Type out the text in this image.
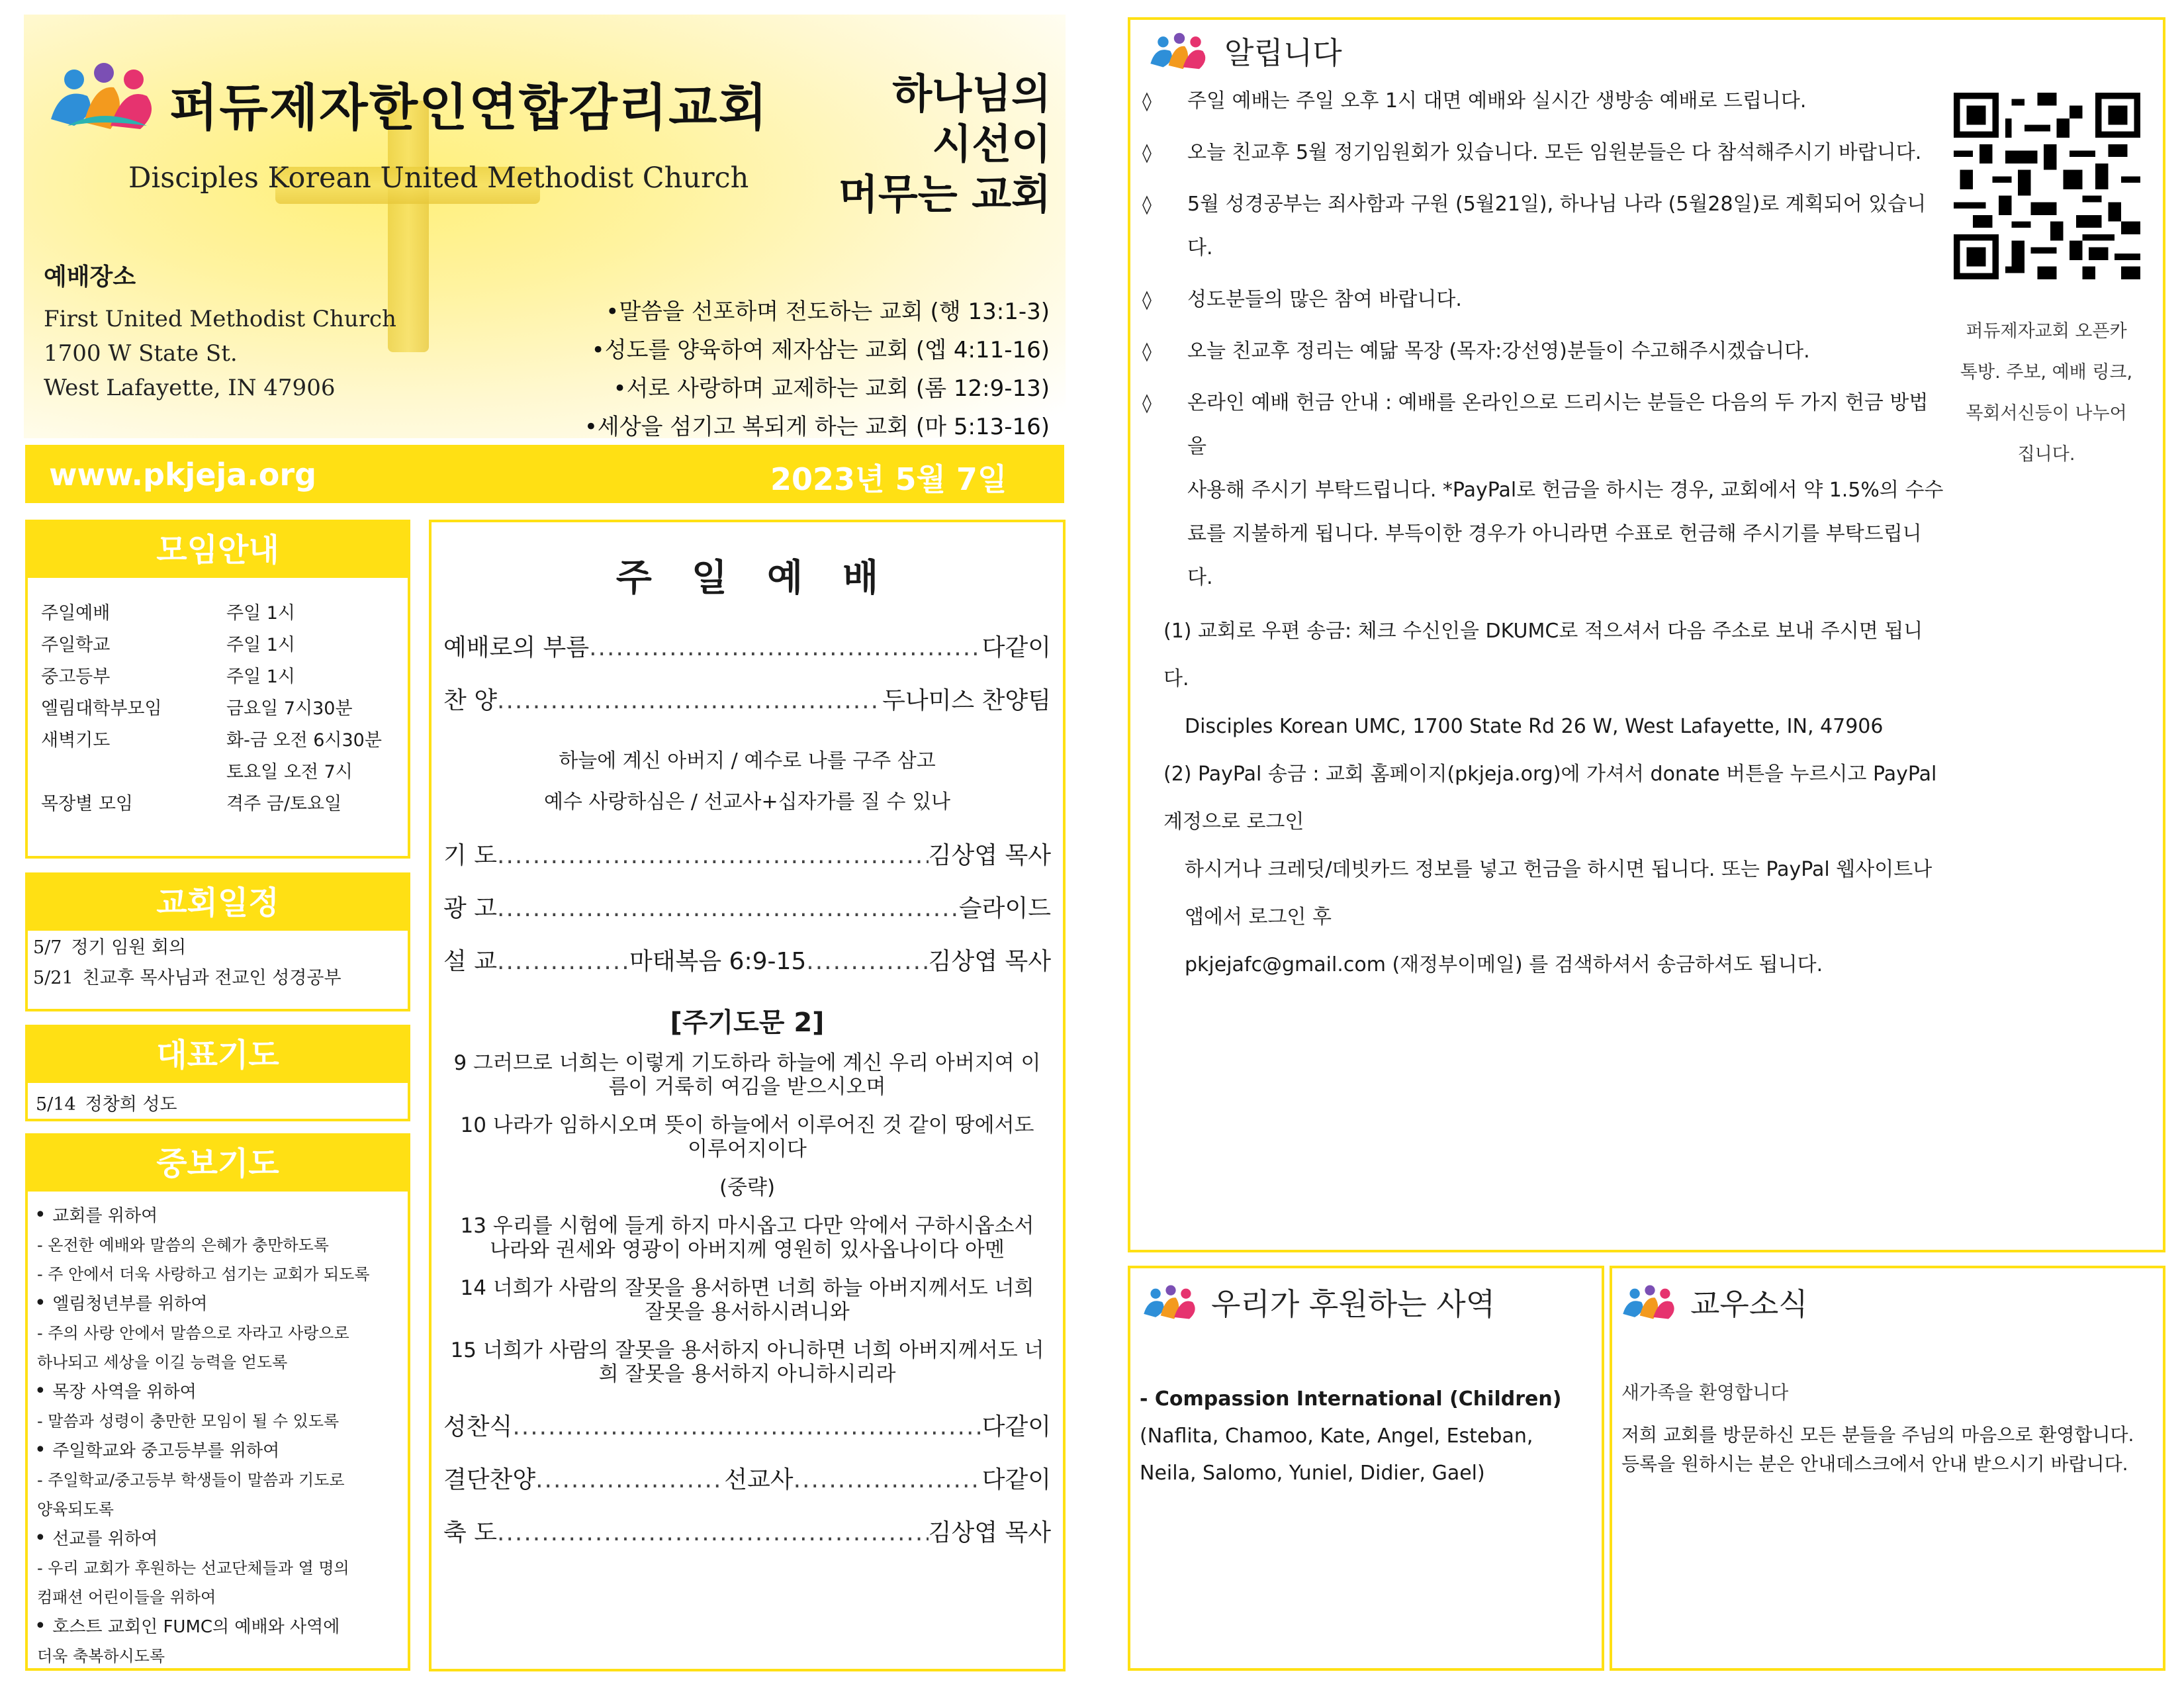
퍼듀제자한인연합감리교회
Disciples Korean United Methodist Church
하나님의
시선이
머무는 교회
예배장소
First United Methodist Church
1700 W State St.
West Lafayette, IN 47906
•말씀을 선포하며 전도하는 교회 (행 13:1-3)
•성도를 양육하여 제자삼는 교회 (엡 4:11-16)
•서로 사랑하며 교제하는 교회 (롬 12:9-13)
•세상을 섬기고 복되게 하는 교회 (마 5:13-16)
www.pkjeja.org	2023년 5월 7일
모임안내
주일예배	주일 1시
주일학교	주일 1시
중고등부	주일 1시
엘림대학부모임	금요일 7시30분
새벽기도	화-금 오전 6시30분
	토요일 오전 7시
목장별 모임	격주 금/토요일
교회일정
5/7 정기 임원 회의
5/21 친교후 목사님과 전교인 성경공부
대표기도
5/14 정창희 성도
중보기도
• 교회를 위하여
- 온전한 예배와 말씀의 은혜가 충만하도록
- 주 안에서 더욱 사랑하고 섬기는 교회가 되도록
• 엘림청년부를 위하여
- 주의 사랑 안에서 말씀으로 자라고 사랑으로
하나되고 세상을 이길 능력을 얻도록
• 목장 사역을 위하여
- 말씀과 성령이 충만한 모임이 될 수 있도록
• 주일학교와 중고등부를 위하여
- 주일학교/중고등부 학생들이 말씀과 기도로
양육되도록
• 선교를 위하여
- 우리 교회가 후원하는 선교단체들과 열 명의
컴패션 어린이들을 위하여
• 호스트 교회인 FUMC의 예배와 사역에
더욱 축복하시도록
주일예배
예배로의 부름 .....	다같이
찬 양 .....	두나미스 찬양팀
하늘에 계신 아버지 / 예수로 나를 구주 삼고
예수 사랑하심은 / 선교사+십자가를 질 수 있나
기 도 .....	김상엽 목사
광 고 .....	슬라이드
설 교 .....	마태복음 6:9-15 .....	김상엽 목사
[주기도문 2]
9 그러므로 너희는 이렇게 기도하라 하늘에 계신 우리 아버지여 이름이 거룩히 여김을 받으시오며
10 나라가 임하시오며 뜻이 하늘에서 이루어진 것 같이 땅에서도 이루어지이다
(중략)
13 우리를 시험에 들게 하지 마시옵고 다만 악에서 구하시옵소서 나라와 권세와 영광이 아버지께 영원히 있사옵나이다 아멘
14 너희가 사람의 잘못을 용서하면 너희 하늘 아버지께서도 너희 잘못을 용서하시려니와
15 너희가 사람의 잘못을 용서하지 아니하면 너희 아버지께서도 너희 잘못을 용서하지 아니하시리라
성찬식 .....	다같이
결단찬양 .....	선교사 .....	다같이
축 도 .....	김상엽 목사
알립니다
◊ 주일 예배는 주일 오후 1시 대면 예배와 실시간 생방송 예배로 드립니다.
◊ 오늘 친교후 5월 정기임원회가 있습니다. 모든 임원분들은 다 참석해주시기 바랍니다.
◊ 5월 성경공부는 죄사함과 구원 (5월21일), 하나님 나라 (5월28일)로 계획되어 있습니다.
◊ 성도분들의 많은 참여 바랍니다.
◊ 오늘 친교후 정리는 예닮 목장 (목자:강선영)분들이 수고해주시겠습니다.
◊ 온라인 예배 헌금 안내 : 예배를 온라인으로 드리시는 분들은 다음의 두 가지 헌금 방법을
사용해 주시기 부탁드립니다. *PayPal로 헌금을 하시는 경우, 교회에서 약 1.5%의 수수
료를 지불하게 됩니다. 부득이한 경우가 아니라면 수표로 헌금해 주시기를 부탁드립니다.
(1) 교회로 우편 송금: 체크 수신인을 DKUMC로 적으셔서 다음 주소로 보내 주시면 됩니다.
Disciples Korean UMC, 1700 State Rd 26 W, West Lafayette, IN, 47906
(2) PayPal 송금 : 교회 홈페이지(pkjeja.org)에 가셔서 donate 버튼을 누르시고 PayPal 계정으로 로그인
하시거나 크레딧/데빗카드 정보를 넣고 헌금을 하시면 됩니다. 또는 PayPal 웹사이트나 앱에서 로그인 후
pkjejafc@gmail.com (재정부이메일) 를 검색하셔서 송금하셔도 됩니다.
퍼듀제자교회 오픈카
톡방. 주보, 예배 링크,
목회서신등이 나누어
집니다.
우리가 후원하는 사역
- Compassion International (Children)
(Naflita, Chamoo, Kate, Angel, Esteban,
Neila, Salomo, Yuniel, Didier, Gael)
교우소식
새가족을 환영합니다
저희 교회를 방문하신 모든 분들을 주님의 마음으로 환영합니다.
등록을 원하시는 분은 안내데스크에서 안내 받으시기 바랍니다.
